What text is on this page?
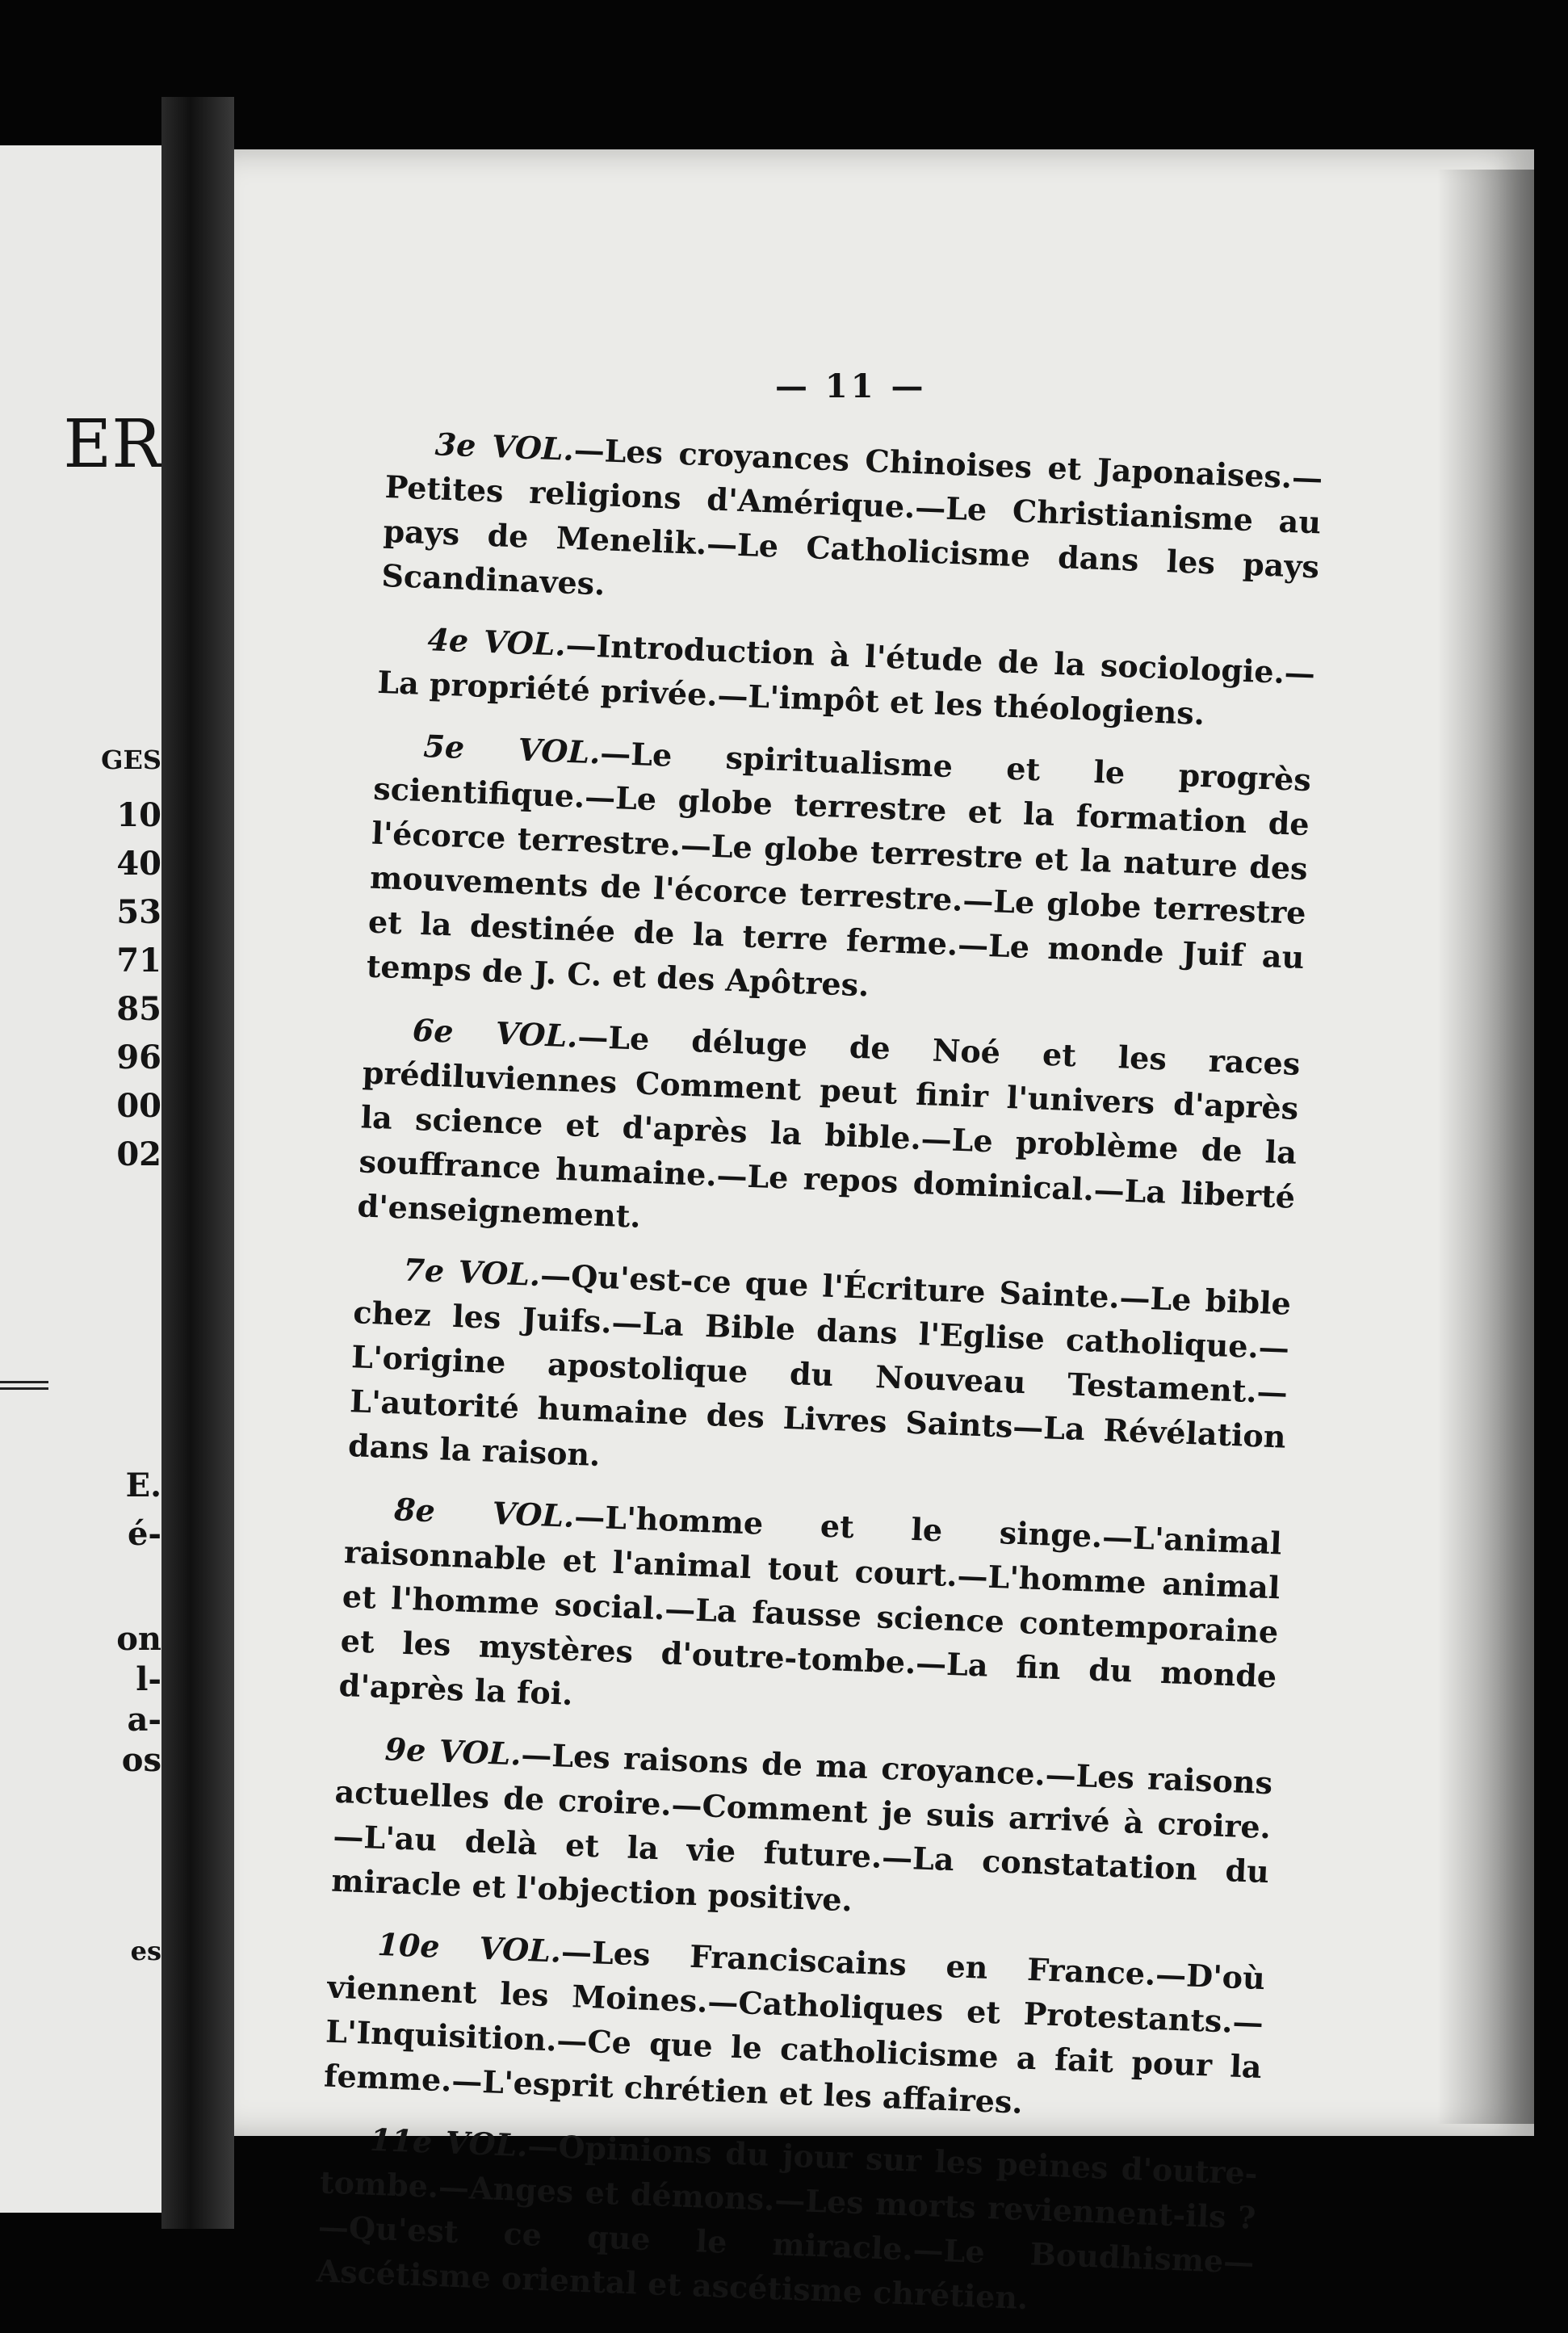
ER
GES
10
40
53
71
85
96
00
02
E.
é-
on
l-
a-
os
es
— 11 —

3e VOL.—Les croyances Chinoises et Japonaises.—Petites religions d'Amérique.—Le Christianisme au pays de Menelik.—Le Catholicisme dans les pays Scandinaves.

4e VOL.—Introduction à l'étude de la sociologie.—La propriété privée.—L'impôt et les théologiens.

5e VOL.—Le spiritualisme et le progrès scientifique.—Le globe terrestre et la formation de l'écorce terrestre.—Le globe terrestre et la nature des mouvements de l'écorce terrestre.—Le globe terrestre et la destinée de la terre ferme.—Le monde Juif au temps de J. C. et des Apôtres.

6e VOL.—Le déluge de Noé et les races prédiluviennes Comment peut finir l'univers d'après la science et d'après la bible.—Le problème de la souffrance humaine.—Le repos dominical.—La liberté d'enseignement.

7e VOL.—Qu'est-ce que l'Écriture Sainte.—Le bible chez les Juifs.—La Bible dans l'Eglise catholique.—L'origine apostolique du Nouveau Testament.—L'autorité humaine des Livres Saints—La Révélation dans la raison.

8e VOL.—L'homme et le singe.—L'animal raisonnable et l'animal tout court.—L'homme animal et l'homme social.—La fausse science contemporaine et les mystères d'outre-tombe.—La fin du monde d'après la foi.

9e VOL.—Les raisons de ma croyance.—Les raisons actuelles de croire.—Comment je suis arrivé à croire.—L'au delà et la vie future.—La constatation du miracle et l'objection positive.

10e VOL.—Les Franciscains en France.—D'où viennent les Moines.—Catholiques et Protestants.—L'Inquisition.—Ce que le catholicisme a fait pour la femme.—L'esprit chrétien et les affaires.

11e VOL.—Opinions du jour sur les peines d'outre-tombe.—Anges et démons.—Les morts reviennent-ils ?—Qu'est ce que le miracle.—Le Boudhisme—Ascétisme oriental et ascétisme chrétien.
